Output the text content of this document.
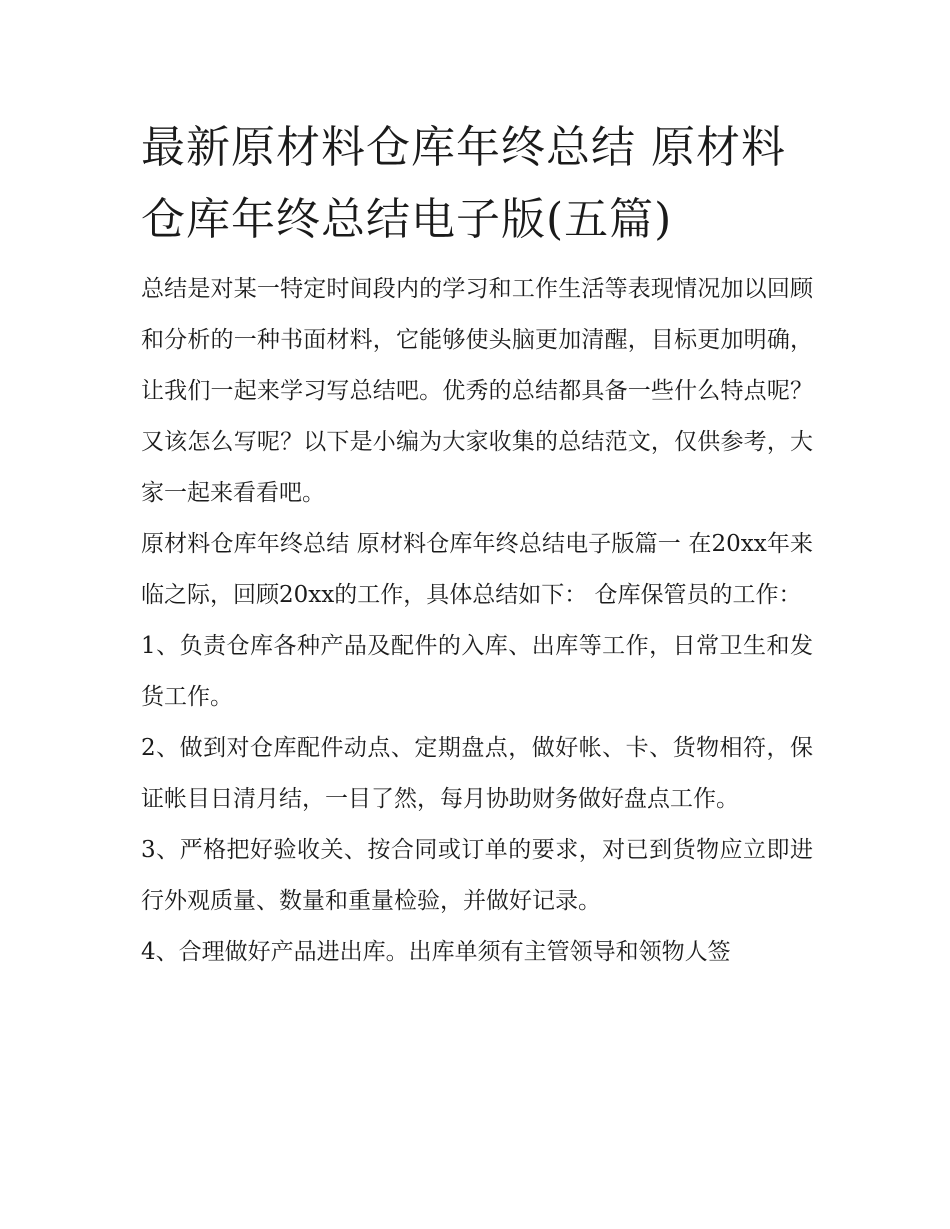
最新原材料仓库年终总结 原材料仓库年终总结电子版(五篇)

总结是对某一特定时间段内的学习和工作生活等表现情况加以回顾和分析的一种书面材料，它能够使头脑更加清醒，目标更加明确，让我们一起来学习写总结吧。优秀的总结都具备一些什么特点呢？又该怎么写呢？以下是小编为大家收集的总结范文，仅供参考，大家一起来看看吧。

原材料仓库年终总结 原材料仓库年终总结电子版篇一 在20xx年来临之际，回顾20xx的工作，具体总结如下： 仓库保管员的工作：

1、负责仓库各种产品及配件的入库、出库等工作，日常卫生和发货工作。

2、做到对仓库配件动点、定期盘点，做好帐、卡、货物相符，保证帐目日清月结，一目了然，每月协助财务做好盘点工作。

3、严格把好验收关、按合同或订单的要求，对已到货物应立即进行外观质量、数量和重量检验，并做好记录。

4、合理做好产品进出库。出库单须有主管领导和领物人签
